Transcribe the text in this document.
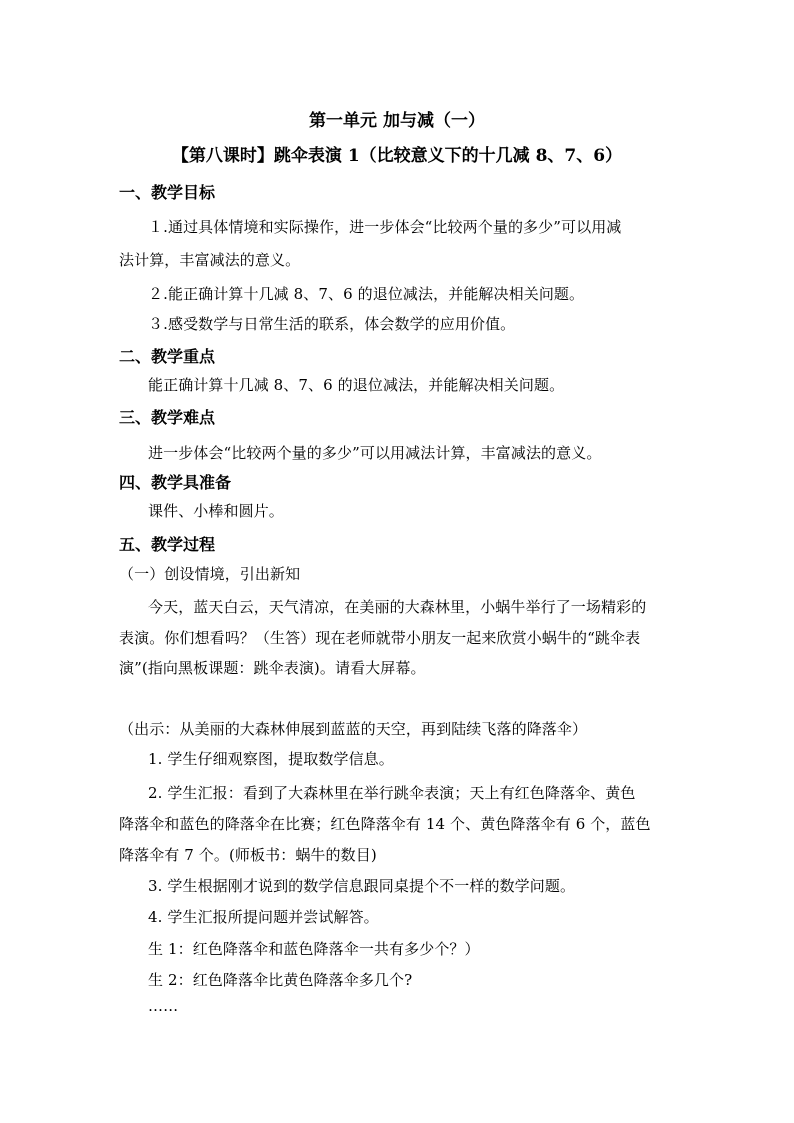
第一单元 加与减（一）
【第八课时】跳伞表演 1（比较意义下的十几减 8、7、6）
一、教学目标
１.通过具体情境和实际操作，进一步体会“比较两个量的多少”可以用减
法计算，丰富减法的意义。
２.能正确计算十几减 8、7、6 的退位减法，并能解决相关问题。
３.感受数学与日常生活的联系，体会数学的应用价值。
二、教学重点
能正确计算十几减 8、7、6 的退位减法，并能解决相关问题。
三、教学难点
进一步体会“比较两个量的多少”可以用减法计算，丰富减法的意义。
四、教学具准备
课件、小棒和圆片。
五、教学过程
（一）创设情境，引出新知
今天，蓝天白云，天气清凉，在美丽的大森林里，小蜗牛举行了一场精彩的
表演。你们想看吗？（生答）现在老师就带小朋友一起来欣赏小蜗牛的“跳伞表
演”(指向黑板课题：跳伞表演)。请看大屏幕。
（出示：从美丽的大森林伸展到蓝蓝的天空，再到陆续飞落的降落伞）
1. 学生仔细观察图，提取数学信息。
2. 学生汇报：看到了大森林里在举行跳伞表演；天上有红色降落伞、黄色
降落伞和蓝色的降落伞在比赛；红色降落伞有 14 个、黄色降落伞有 6 个，蓝色
降落伞有 7 个。(师板书：蜗牛的数目)
3. 学生根据刚才说到的数学信息跟同桌提个不一样的数学问题。
4. 学生汇报所提问题并尝试解答。
生 1：红色降落伞和蓝色降落伞一共有多少个？）
生 2：红色降落伞比黄色降落伞多几个?
……
